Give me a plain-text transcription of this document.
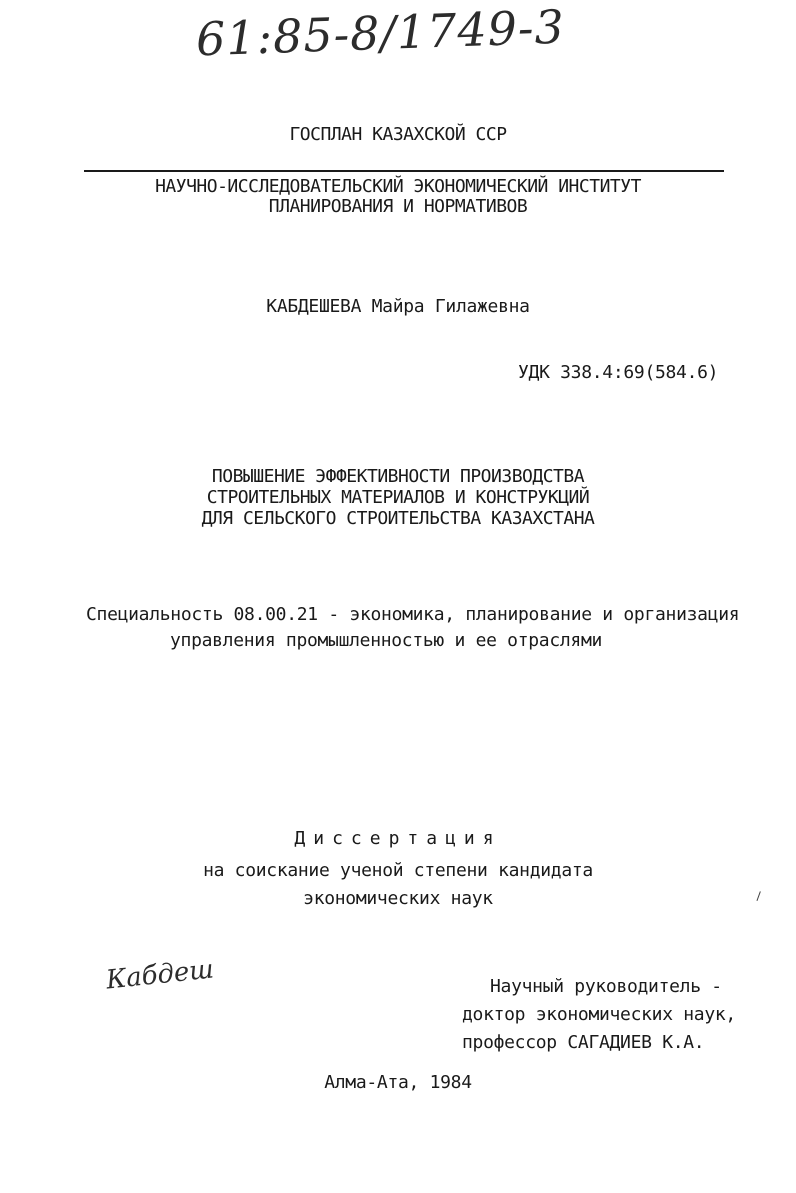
61:85-8/1749-3
ГОСПЛАН КАЗАХСКОЙ ССР
НАУЧНО-ИССЛЕДОВАТЕЛЬСКИЙ ЭКОНОМИЧЕСКИЙ ИНСТИТУТ
ПЛАНИРОВАНИЯ И НОРМАТИВОВ
КАБДЕШЕВА Майра Гилажевна
УДК 338.4:69(584.6)
ПОВЫШЕНИЕ ЭФФЕКТИВНОСТИ ПРОИЗВОДСТВА
СТРОИТЕЛЬНЫХ МАТЕРИАЛОВ И КОНСТРУКЦИЙ
ДЛЯ СЕЛЬСКОГО СТРОИТЕЛЬСТВА КАЗАХСТАНА
Специальность 08.00.21 - экономика, планирование и организация
управления промышленностью и ее отраслями
Диссертация
на соискание ученой степени кандидата
экономических наук
Кабдеш	Научный руководитель -
доктор экономических наук,
профессор САГАДИЕВ К.А.
Алма-Ата, 1984
